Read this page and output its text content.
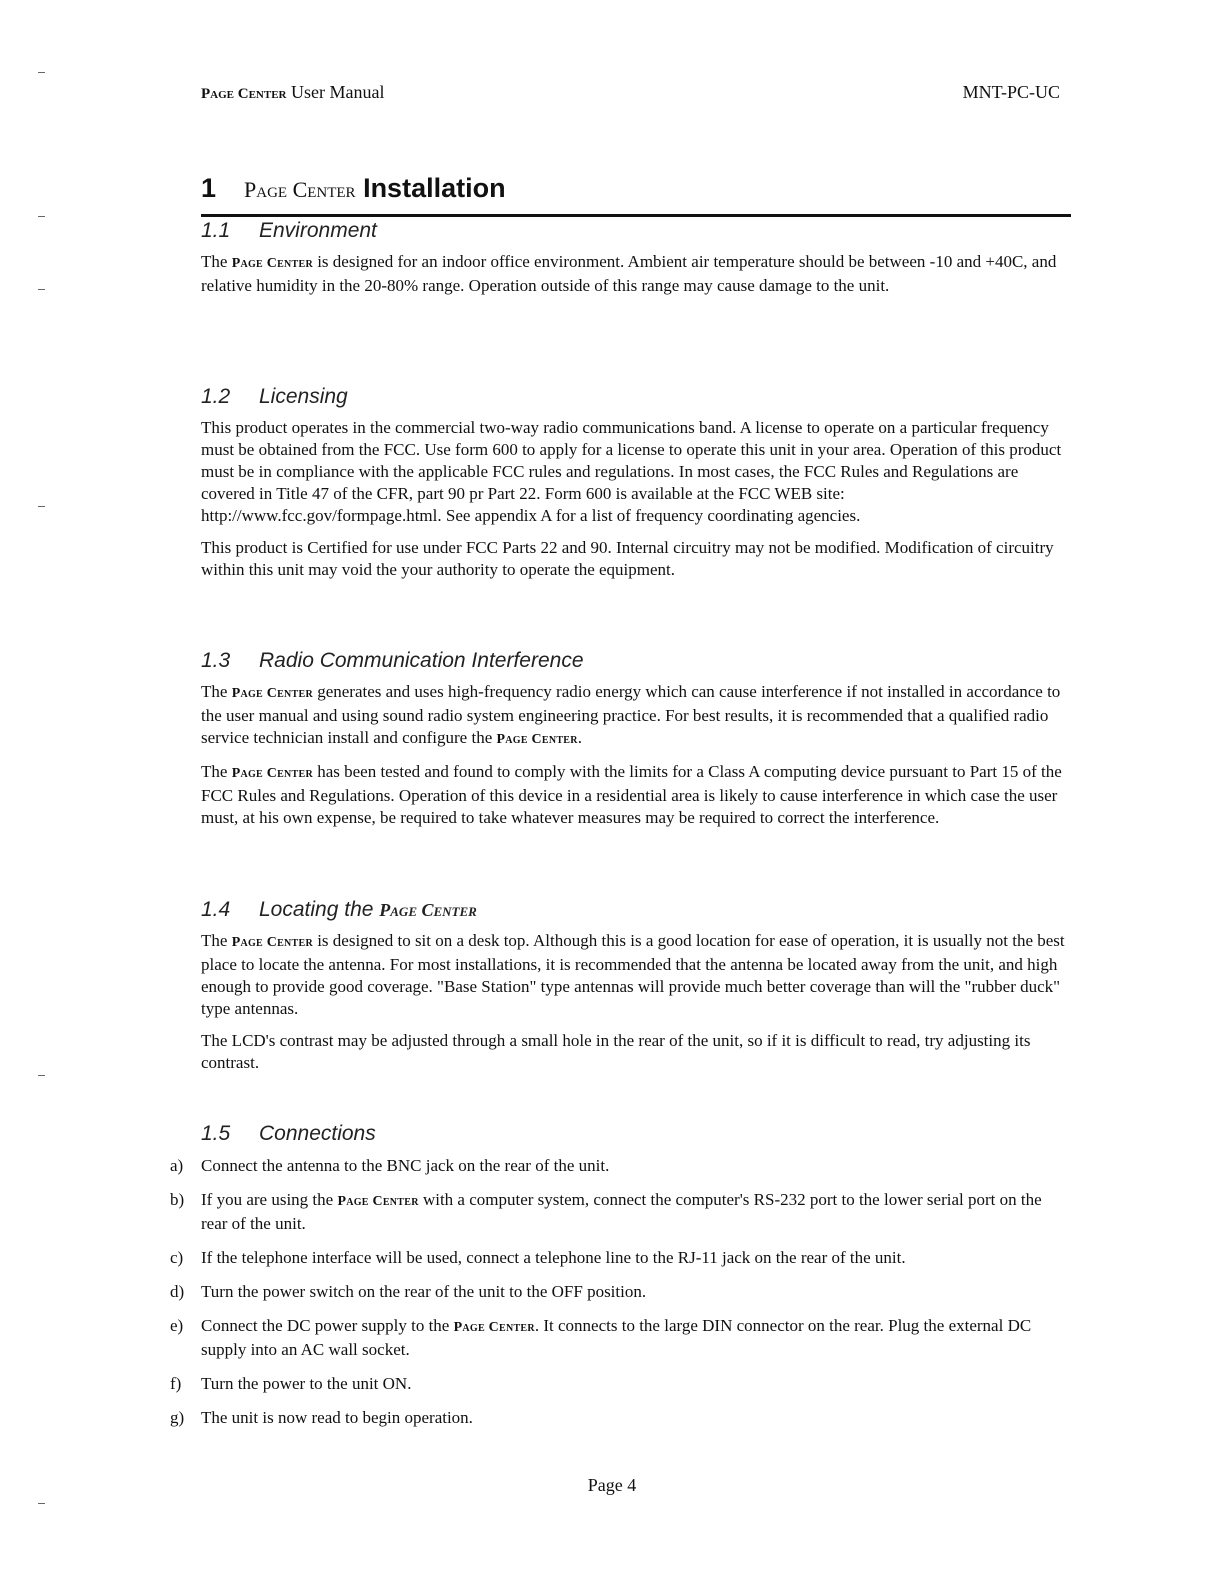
Page Center User Manual	MNT-PC-UC
1 Page Center Installation
1.1 Environment

The Page Center is designed for an indoor office environment. Ambient air temperature should be between -10 and +40C, and relative humidity in the 20-80% range. Operation outside of this range may cause damage to the unit.

1.2 Licensing

This product operates in the commercial two-way radio communications band. A license to operate on a particular frequency must be obtained from the FCC. Use form 600 to apply for a license to operate this unit in your area. Operation of this product must be in compliance with the applicable FCC rules and regulations. In most cases, the FCC Rules and Regulations are covered in Title 47 of the CFR, part 90 pr Part 22. Form 600 is available at the FCC WEB site: http://www.fcc.gov/formpage.html. See appendix A for a list of frequency coordinating agencies.

This product is Certified for use under FCC Parts 22 and 90. Internal circuitry may not be modified. Modification of circuitry within this unit may void the your authority to operate the equipment.

1.3 Radio Communication Interference

The Page Center generates and uses high-frequency radio energy which can cause interference if not installed in accordance to the user manual and using sound radio system engineering practice. For best results, it is recommended that a qualified radio service technician install and configure the Page Center.

The Page Center has been tested and found to comply with the limits for a Class A computing device pursuant to Part 15 of the FCC Rules and Regulations. Operation of this device in a residential area is likely to cause interference in which case the user must, at his own expense, be required to take whatever measures may be required to correct the interference.

1.4 Locating the Page Center

The Page Center is designed to sit on a desk top. Although this is a good location for ease of operation, it is usually not the best place to locate the antenna. For most installations, it is recommended that the antenna be located away from the unit, and high enough to provide good coverage. "Base Station" type antennas will provide much better coverage than will the "rubber duck" type antennas.

The LCD's contrast may be adjusted through a small hole in the rear of the unit, so if it is difficult to read, try adjusting its contrast.

1.5 Connections
a) Connect the antenna to the BNC jack on the rear of the unit.
b) If you are using the Page Center with a computer system, connect the computer's RS-232 port to the lower serial port on the rear of the unit.
c) If the telephone interface will be used, connect a telephone line to the RJ-11 jack on the rear of the unit.
d) Turn the power switch on the rear of the unit to the OFF position.
e) Connect the DC power supply to the Page Center. It connects to the large DIN connector on the rear. Plug the external DC supply into an AC wall socket.
f) Turn the power to the unit ON.
g) The unit is now read to begin operation.
Page 4
